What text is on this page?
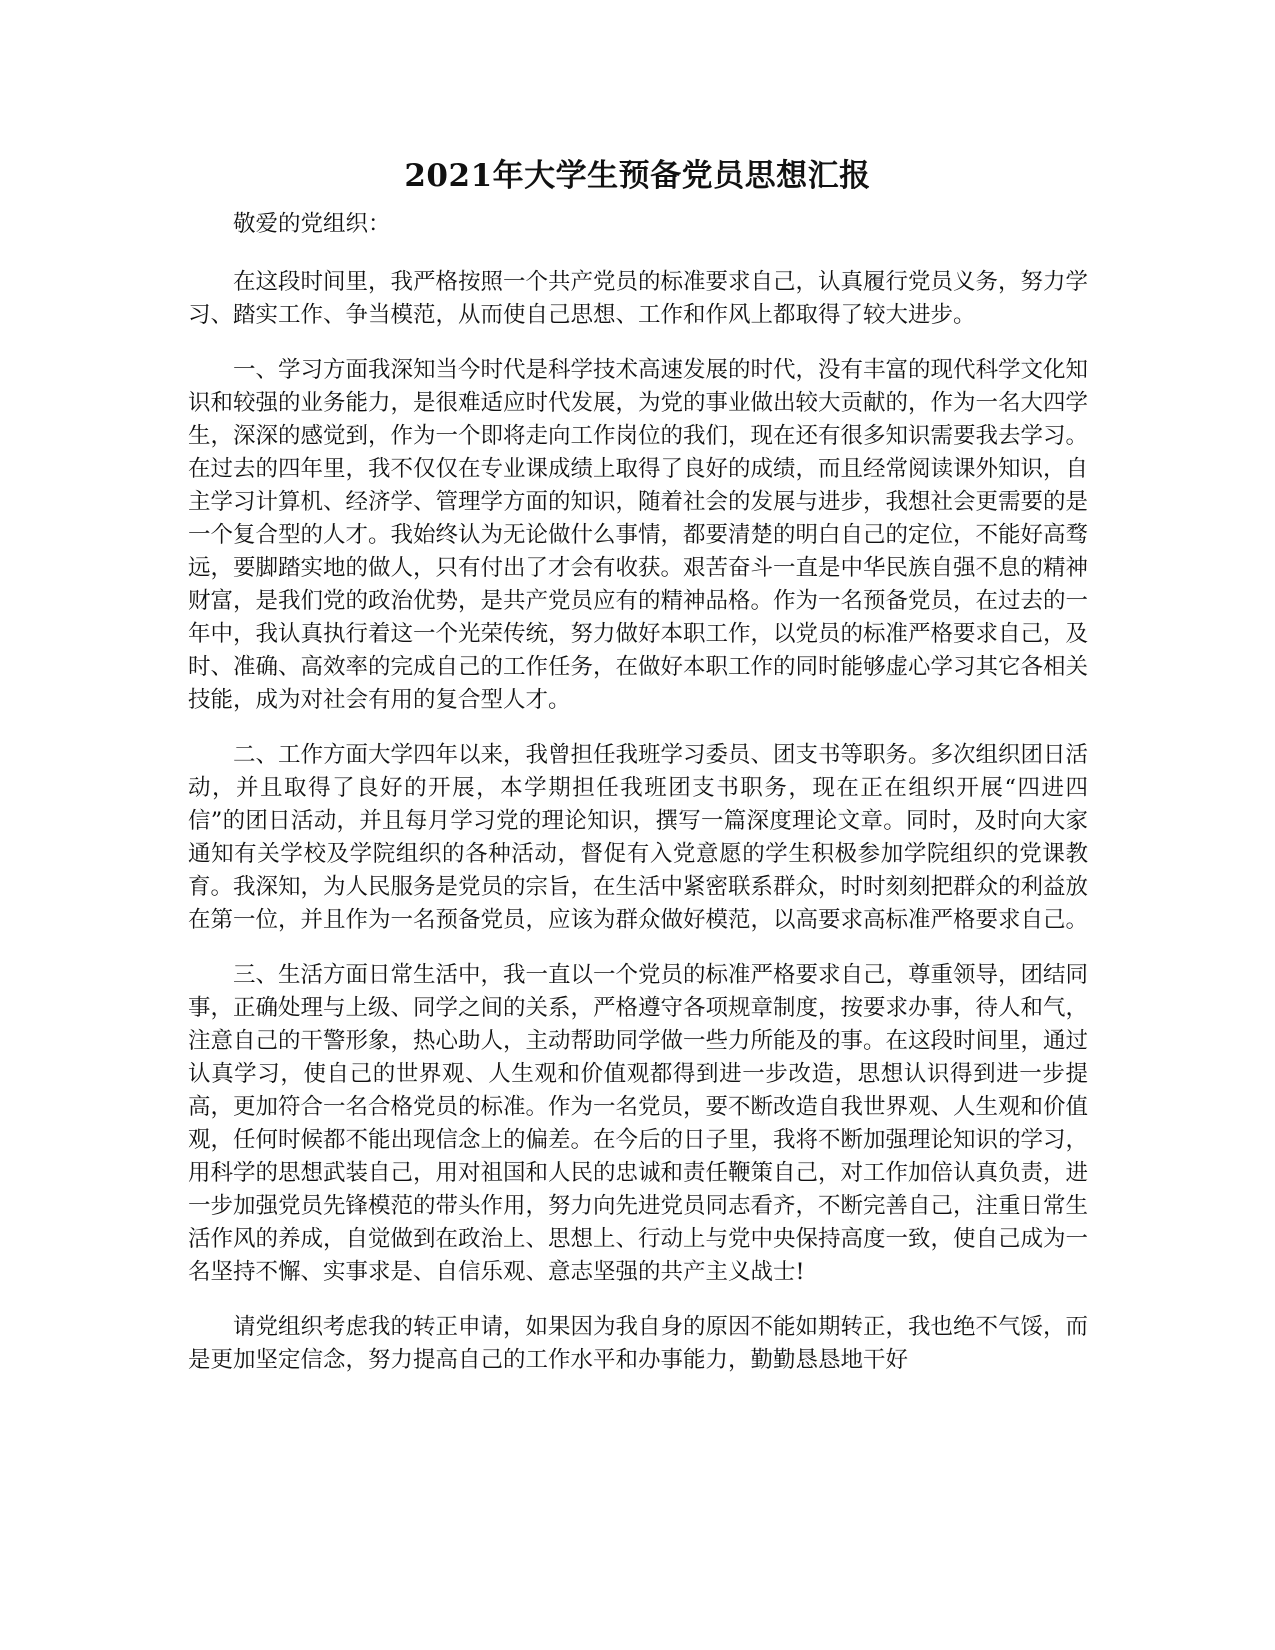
2021年大学生预备党员思想汇报

敬爱的党组织：

在这段时间里，我严格按照一个共产党员的标准要求自己，认真履行党员义务，努力学习、踏实工作、争当模范，从而使自己思想、工作和作风上都取得了较大进步。

一、学习方面我深知当今时代是科学技术高速发展的时代，没有丰富的现代科学文化知识和较强的业务能力，是很难适应时代发展，为党的事业做出较大贡献的，作为一名大四学生，深深的感觉到，作为一个即将走向工作岗位的我们，现在还有很多知识需要我去学习。在过去的四年里，我不仅仅在专业课成绩上取得了良好的成绩，而且经常阅读课外知识，自主学习计算机、经济学、管理学方面的知识，随着社会的发展与进步，我想社会更需要的是一个复合型的人才。我始终认为无论做什么事情，都要清楚的明白自己的定位，不能好高骛远，要脚踏实地的做人，只有付出了才会有收获。艰苦奋斗一直是中华民族自强不息的精神财富，是我们党的政治优势，是共产党员应有的精神品格。作为一名预备党员，在过去的一年中，我认真执行着这一个光荣传统，努力做好本职工作，以党员的标准严格要求自己，及时、准确、高效率的完成自己的工作任务，在做好本职工作的同时能够虚心学习其它各相关技能，成为对社会有用的复合型人才。

二、工作方面大学四年以来，我曾担任我班学习委员、团支书等职务。多次组织团日活动，并且取得了良好的开展，本学期担任我班团支书职务，现在正在组织开展“四进四信”的团日活动，并且每月学习党的理论知识，撰写一篇深度理论文章。同时，及时向大家通知有关学校及学院组织的各种活动，督促有入党意愿的学生积极参加学院组织的党课教育。我深知，为人民服务是党员的宗旨，在生活中紧密联系群众，时时刻刻把群众的利益放在第一位，并且作为一名预备党员，应该为群众做好模范，以高要求高标准严格要求自己。

三、生活方面日常生活中，我一直以一个党员的标准严格要求自己，尊重领导，团结同事，正确处理与上级、同学之间的关系，严格遵守各项规章制度，按要求办事，待人和气，注意自己的干警形象，热心助人，主动帮助同学做一些力所能及的事。在这段时间里，通过认真学习，使自己的世界观、人生观和价值观都得到进一步改造，思想认识得到进一步提高，更加符合一名合格党员的标准。作为一名党员，要不断改造自我世界观、人生观和价值观，任何时候都不能出现信念上的偏差。在今后的日子里，我将不断加强理论知识的学习，用科学的思想武装自己，用对祖国和人民的忠诚和责任鞭策自己，对工作加倍认真负责，进一步加强党员先锋模范的带头作用，努力向先进党员同志看齐，不断完善自己，注重日常生活作风的养成，自觉做到在政治上、思想上、行动上与党中央保持高度一致，使自己成为一名坚持不懈、实事求是、自信乐观、意志坚强的共产主义战士!

请党组织考虑我的转正申请，如果因为我自身的原因不能如期转正，我也绝不气馁，而是更加坚定信念，努力提高自己的工作水平和办事能力，勤勤恳恳地干好
